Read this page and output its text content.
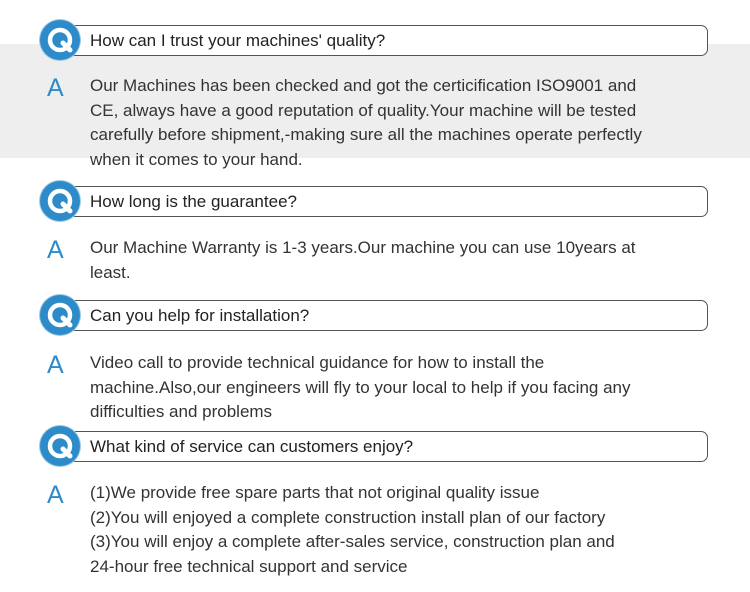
How can I trust your machines' quality?
A Our Machines has been checked and got the certicification ISO9001 and
CE, always have a good reputation of quality.Your machine will be tested
carefully before shipment,-making sure all the machines operate perfectly
when it comes to your hand.
How long is the guarantee?
A Our Machine Warranty is 1-3 years.Our machine you can use 10years at
least.
Can you help for installation?
A Video call to provide technical guidance for how to install the
machine.Also,our engineers will fly to your local to help if you facing any
difficulties and problems
What kind of service can customers enjoy?
A (1)We provide free spare parts that not original quality issue
(2)You will enjoyed a complete construction install plan of our factory
(3)You will enjoy a complete after-sales service, construction plan and
24-hour free technical support and service
